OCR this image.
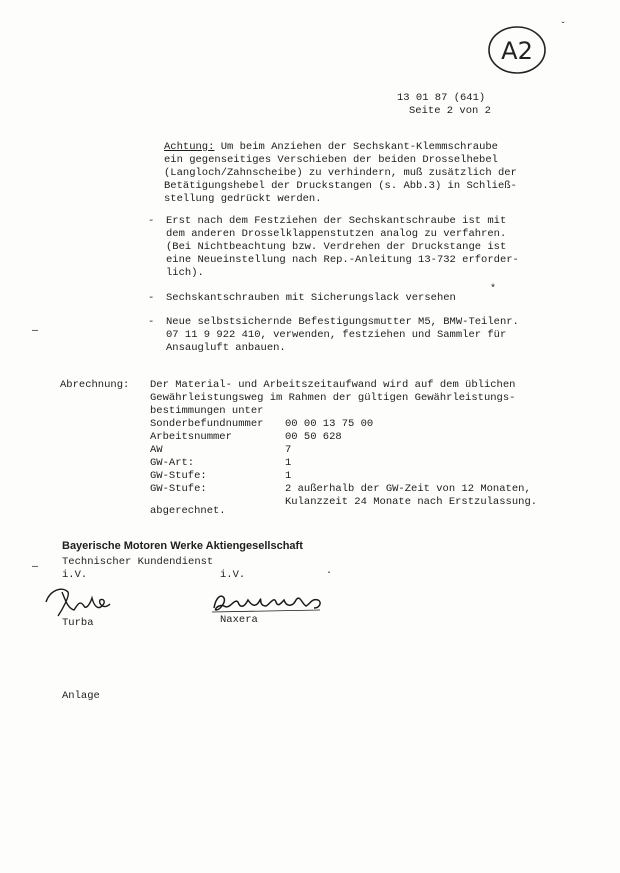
A2
ˇ
13 01 87 (641)
Seite 2 von 2
Achtung: Um beim Anziehen der Sechskant-Klemmschraube
ein gegenseitiges Verschieben der beiden Drosselhebel
(Langloch/Zahnscheibe) zu verhindern, muß zusätzlich der
Betätigungshebel der Druckstangen (s. Abb.3) in Schließ-
stellung gedrückt werden.
- Erst nach dem Festziehen der Sechskantschraube ist mit
dem anderen Drosselklappenstutzen analog zu verfahren.
(Bei Nichtbeachtung bzw. Verdrehen der Druckstange ist
eine Neueinstellung nach Rep.-Anleitung 13-732 erforder-
lich).
- Sechskantschrauben mit Sicherungslack versehen
*
- Neue selbstsichernde Befestigungsmutter M5, BMW-Teilenr.
07 11 9 922 410, verwenden, festziehen und Sammler für
Ansaugluft anbauen.
—
Abrechnung: Der Material- und Arbeitszeitaufwand wird auf dem üblichen
Gewährleistungsweg im Rahmen der gültigen Gewährleistungs-
bestimmungen unter
Sonderbefundnummer 00 00 13 75 00
Arbeitsnummer	00 50 628
AW	7
GW-Art:	1
GW-Stufe:	1
GW-Stufe:	2 außerhalb der GW-Zeit von 12 Monaten,
Kulanzzeit 24 Monate nach Erstzulassung.
abgerechnet.
Bayerische Motoren Werke Aktiengesellschaft
Technischer Kundendienst
i.V.	i.V.
—
·
Turba	Naxera
Anlage
